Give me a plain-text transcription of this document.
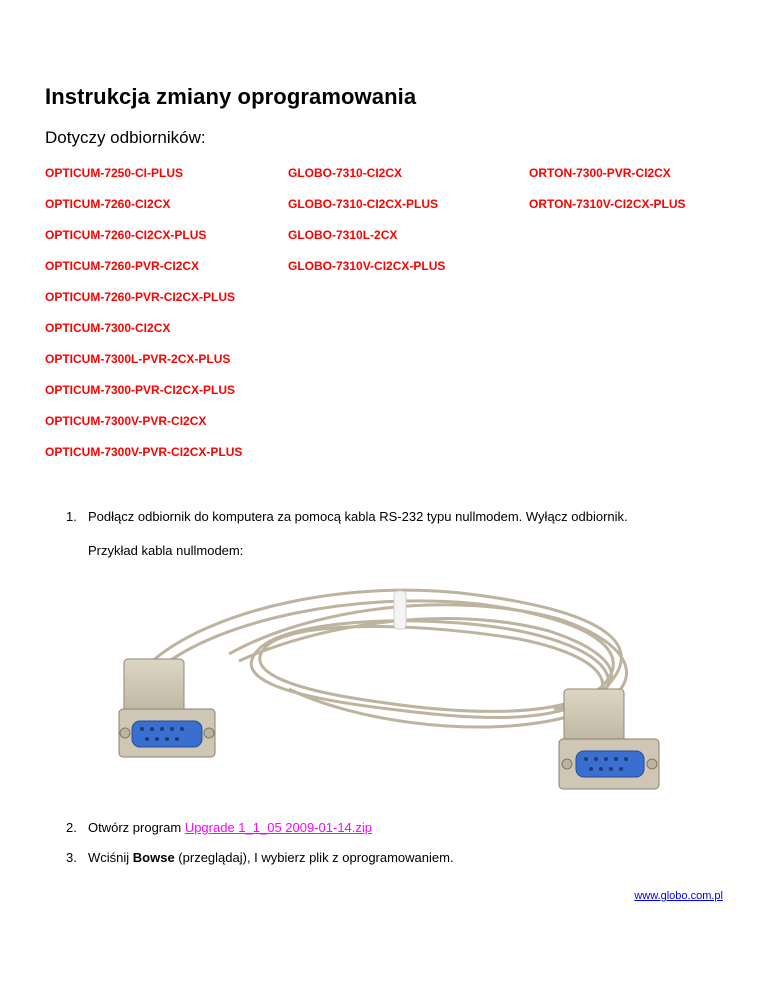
Instrukcja zmiany oprogramowania
Dotyczy odbiorników:
OPTICUM-7250-CI-PLUS	GLOBO-7310-CI2CX	ORTON-7300-PVR-CI2CX
OPTICUM-7260-CI2CX	GLOBO-7310-CI2CX-PLUS	ORTON-7310V-CI2CX-PLUS
OPTICUM-7260-CI2CX-PLUS	GLOBO-7310L-2CX
OPTICUM-7260-PVR-CI2CX	GLOBO-7310V-CI2CX-PLUS
OPTICUM-7260-PVR-CI2CX-PLUS
OPTICUM-7300-CI2CX
OPTICUM-7300L-PVR-2CX-PLUS
OPTICUM-7300-PVR-CI2CX-PLUS
OPTICUM-7300V-PVR-CI2CX
OPTICUM-7300V-PVR-CI2CX-PLUS
1. Podłącz odbiornik do komputera za pomocą kabla RS-232 typu nullmodem. Wyłącz odbiornik.
Przykład kabla nullmodem:
2. Otwórz program Upgrade 1_1_05 2009-01-14.zip
3. Wciśnij Bowse (przeglądaj), I wybierz plik z oprogramowaniem.
www.globo.com.pl
